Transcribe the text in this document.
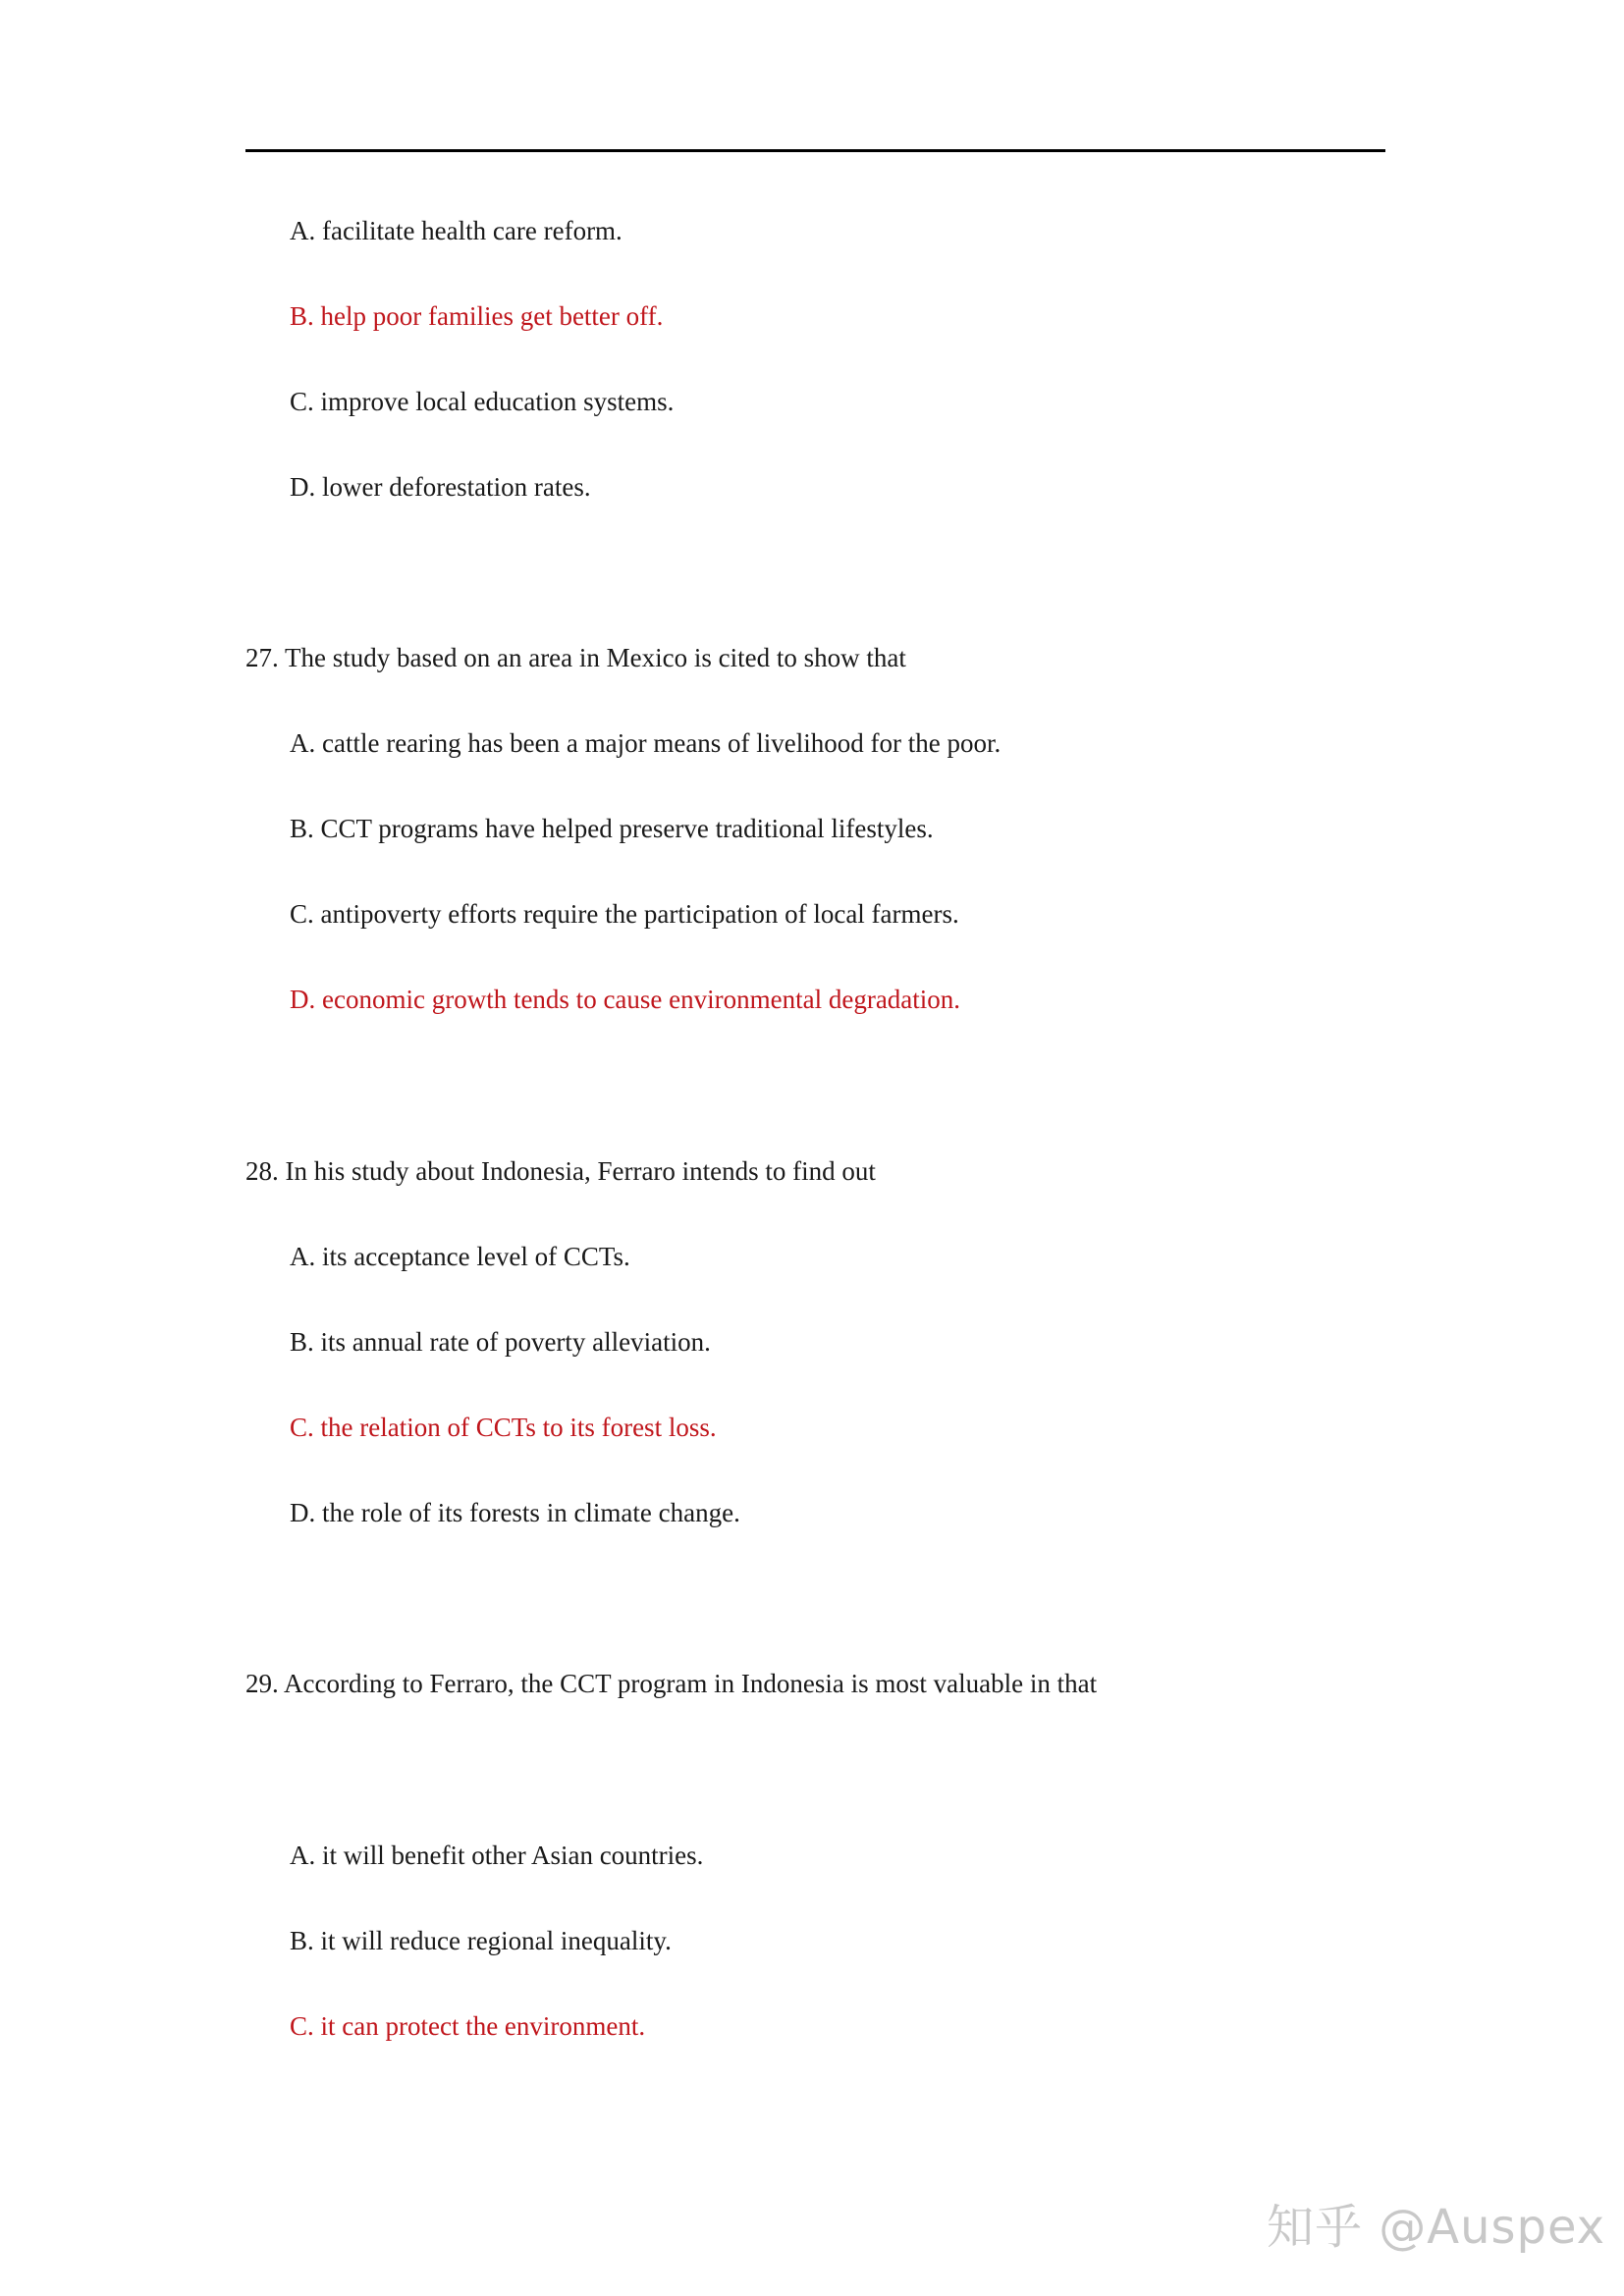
A. facilitate health care reform.
B. help poor families get better off.
C. improve local education systems.
D. lower deforestation rates.
27. The study based on an area in Mexico is cited to show that
A. cattle rearing has been a major means of livelihood for the poor.
B. CCT programs have helped preserve traditional lifestyles.
C. antipoverty efforts require the participation of local farmers.
D. economic growth tends to cause environmental degradation.
28. In his study about Indonesia, Ferraro intends to find out
A. its acceptance level of CCTs.
B. its annual rate of poverty alleviation.
C. the relation of CCTs to its forest loss.
D. the role of its forests in climate change.
29. According to Ferraro, the CCT program in Indonesia is most valuable in that
A. it will benefit other Asian countries.
B. it will reduce regional inequality.
C. it can protect the environment.
知乎 @Auspex
